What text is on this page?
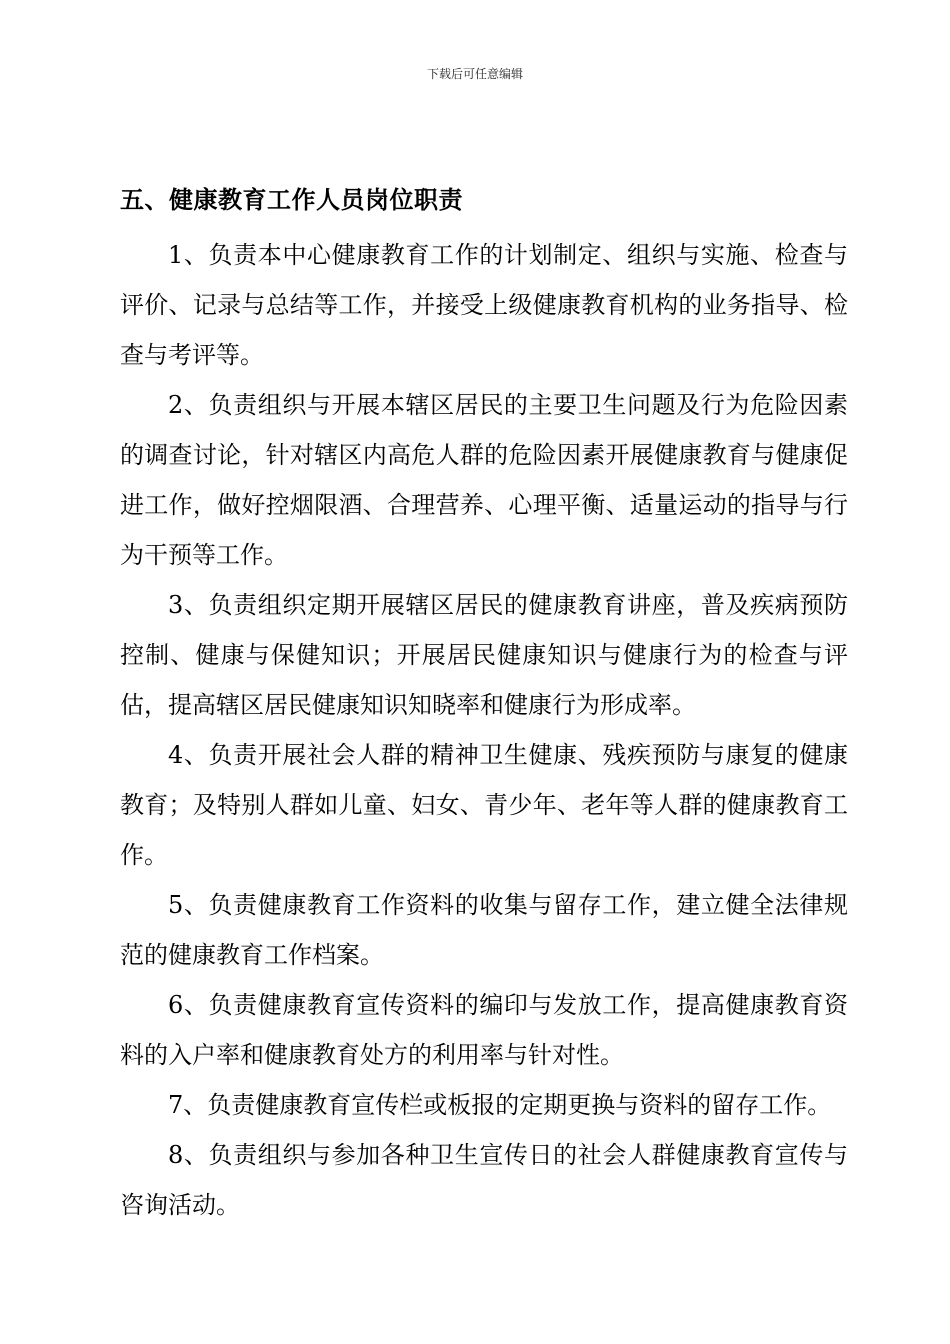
下载后可任意编辑
五、健康教育工作人员岗位职责

1、负责本中心健康教育工作的计划制定、组织与实施、检查与评价、记录与总结等工作，并接受上级健康教育机构的业务指导、检查与考评等。

2、负责组织与开展本辖区居民的主要卫生问题及行为危险因素的调查讨论，针对辖区内高危人群的危险因素开展健康教育与健康促进工作，做好控烟限酒、合理营养、心理平衡、适量运动的指导与行为干预等工作。

3、负责组织定期开展辖区居民的健康教育讲座，普及疾病预防控制、健康与保健知识；开展居民健康知识与健康行为的检查与评估，提高辖区居民健康知识知晓率和健康行为形成率。

4、负责开展社会人群的精神卫生健康、残疾预防与康复的健康教育；及特别人群如儿童、妇女、青少年、老年等人群的健康教育工作。

5、负责健康教育工作资料的收集与留存工作，建立健全法律规范的健康教育工作档案。

6、负责健康教育宣传资料的编印与发放工作，提高健康教育资料的入户率和健康教育处方的利用率与针对性。

7、负责健康教育宣传栏或板报的定期更换与资料的留存工作。

8、负责组织与参加各种卫生宣传日的社会人群健康教育宣传与咨询活动。
